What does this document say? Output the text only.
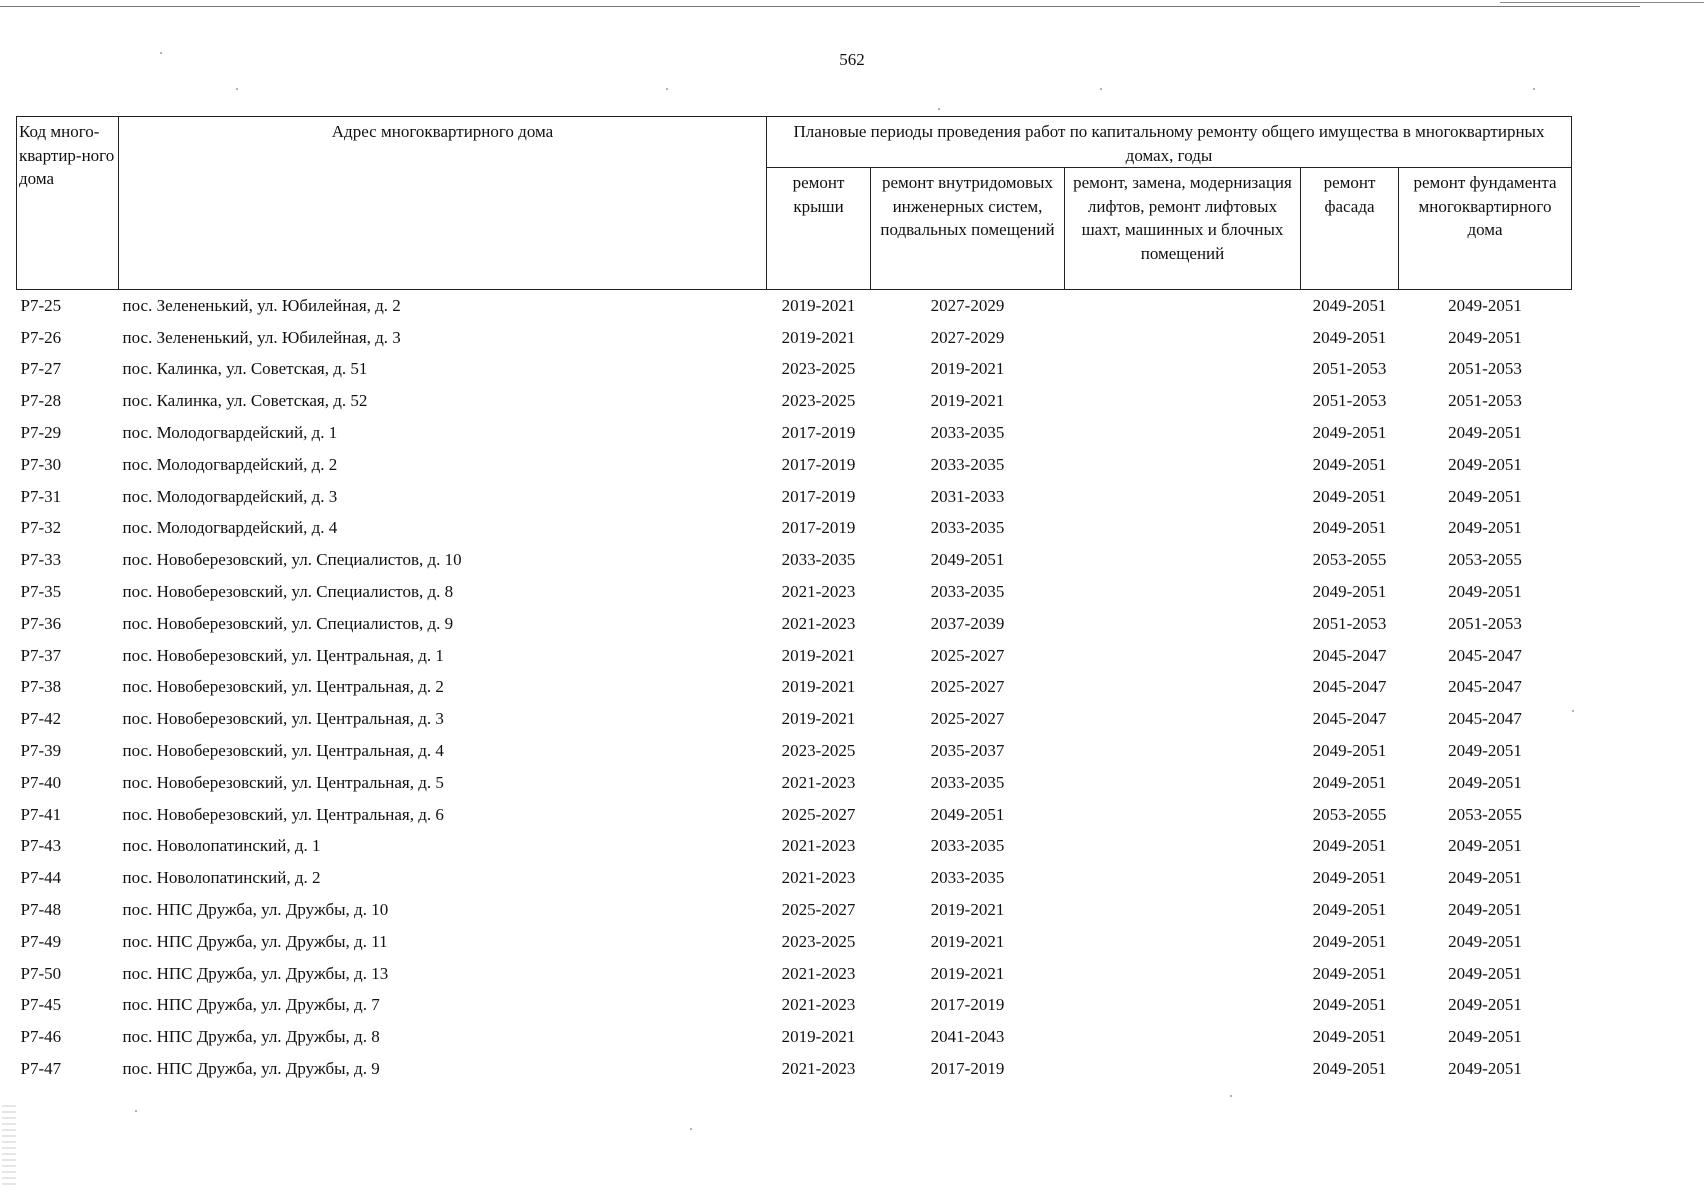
562
Код много-квартир-ного дома	Адрес многоквартирного дома	Плановые периоды проведения работ по капитальному ремонту общего имущества в многоквартирных домах, годы				
		ремонт крыши	ремонт внутридомовых инженерных систем, подвальных помещений	ремонт, замена, модернизация лифтов, ремонт лифтовых шахт, машинных и блочных помещений	ремонт фасада	ремонт фундамента многоквартирного дома
Р7-25	пос. Зелененький, ул. Юбилейная, д. 2	2019-2021	2027-2029		2049-2051	2049-2051
Р7-26	пос. Зелененький, ул. Юбилейная, д. 3	2019-2021	2027-2029		2049-2051	2049-2051
Р7-27	пос. Калинка, ул. Советская, д. 51	2023-2025	2019-2021		2051-2053	2051-2053
Р7-28	пос. Калинка, ул. Советская, д. 52	2023-2025	2019-2021		2051-2053	2051-2053
Р7-29	пос. Молодогвардейский, д. 1	2017-2019	2033-2035		2049-2051	2049-2051
Р7-30	пос. Молодогвардейский, д. 2	2017-2019	2033-2035		2049-2051	2049-2051
Р7-31	пос. Молодогвардейский, д. 3	2017-2019	2031-2033		2049-2051	2049-2051
Р7-32	пос. Молодогвардейский, д. 4	2017-2019	2033-2035		2049-2051	2049-2051
Р7-33	пос. Новоберезовский, ул. Специалистов, д. 10	2033-2035	2049-2051		2053-2055	2053-2055
Р7-35	пос. Новоберезовский, ул. Специалистов, д. 8	2021-2023	2033-2035		2049-2051	2049-2051
Р7-36	пос. Новоберезовский, ул. Специалистов, д. 9	2021-2023	2037-2039		2051-2053	2051-2053
Р7-37	пос. Новоберезовский, ул. Центральная, д. 1	2019-2021	2025-2027		2045-2047	2045-2047
Р7-38	пос. Новоберезовский, ул. Центральная, д. 2	2019-2021	2025-2027		2045-2047	2045-2047
Р7-42	пос. Новоберезовский, ул. Центральная, д. 3	2019-2021	2025-2027		2045-2047	2045-2047
Р7-39	пос. Новоберезовский, ул. Центральная, д. 4	2023-2025	2035-2037		2049-2051	2049-2051
Р7-40	пос. Новоберезовский, ул. Центральная, д. 5	2021-2023	2033-2035		2049-2051	2049-2051
Р7-41	пос. Новоберезовский, ул. Центральная, д. 6	2025-2027	2049-2051		2053-2055	2053-2055
Р7-43	пос. Новолопатинский, д. 1	2021-2023	2033-2035		2049-2051	2049-2051
Р7-44	пос. Новолопатинский, д. 2	2021-2023	2033-2035		2049-2051	2049-2051
Р7-48	пос. НПС Дружба, ул. Дружбы, д. 10	2025-2027	2019-2021		2049-2051	2049-2051
Р7-49	пос. НПС Дружба, ул. Дружбы, д. 11	2023-2025	2019-2021		2049-2051	2049-2051
Р7-50	пос. НПС Дружба, ул. Дружбы, д. 13	2021-2023	2019-2021		2049-2051	2049-2051
Р7-45	пос. НПС Дружба, ул. Дружбы, д. 7	2021-2023	2017-2019		2049-2051	2049-2051
Р7-46	пос. НПС Дружба, ул. Дружбы, д. 8	2019-2021	2041-2043		2049-2051	2049-2051
Р7-47	пос. НПС Дружба, ул. Дружбы, д. 9	2021-2023	2017-2019		2049-2051	2049-2051
